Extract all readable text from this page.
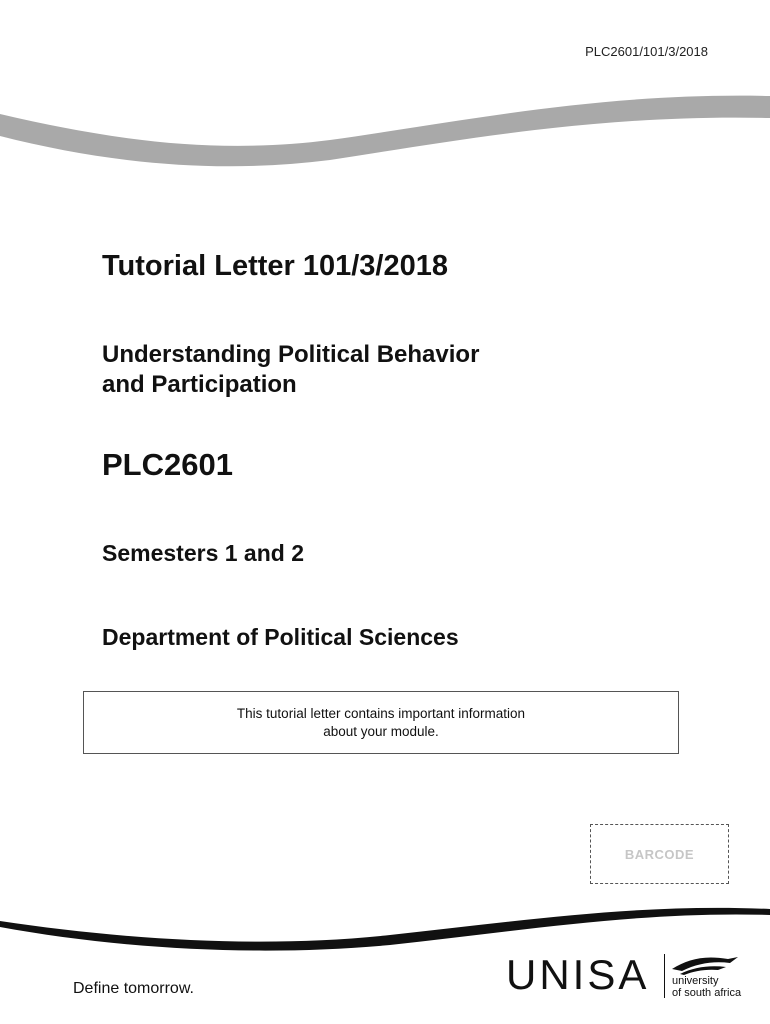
PLC2601/101/3/2018
Tutorial Letter 101/3/2018
Understanding Political Behavior
and Participation
PLC2601
Semesters 1 and 2
Department of Political Sciences
This tutorial letter contains important information
about your module.
BARCODE
Define tomorrow.	UNISA university
of south africa
